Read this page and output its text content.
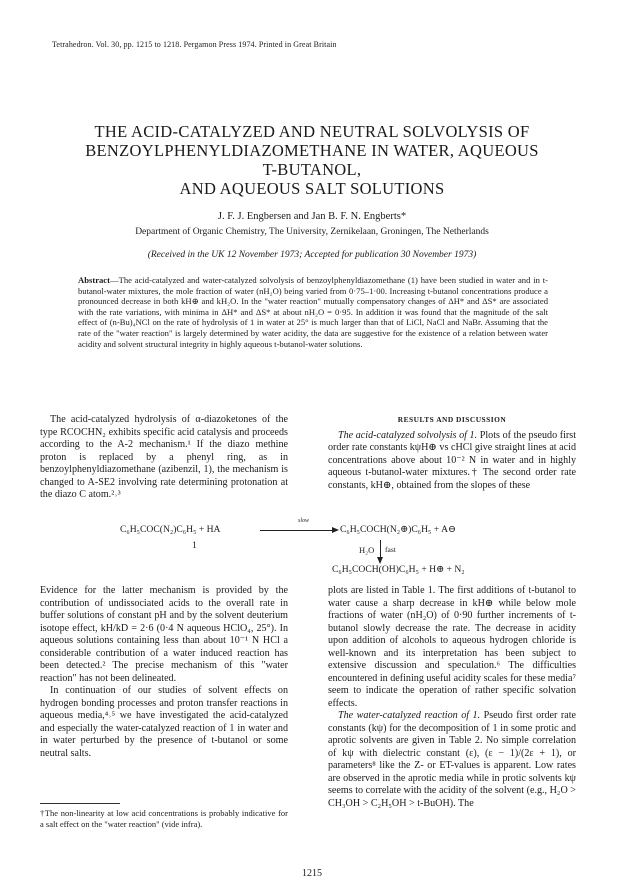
Tetrahedron. Vol. 30, pp. 1215 to 1218. Pergamon Press 1974. Printed in Great Britain
THE ACID-CATALYZED AND NEUTRAL SOLVOLYSIS OF
BENZOYLPHENYLDIAZOMETHANE IN WATER, AQUEOUS
T-BUTANOL,
AND AQUEOUS SALT SOLUTIONS
J. F. J. Engbersen and Jan B. F. N. Engberts*
Department of Organic Chemistry, The University, Zernikelaan, Groningen, The Netherlands
(Received in the UK 12 November 1973; Accepted for publication 30 November 1973)
Abstract—The acid-catalyzed and water-catalyzed solvolysis of benzoylphenyldiazomethane (1) have been studied in water and in t-butanol-water mixtures, the mole fraction of water (nH₂O) being varied from 0·75–1·00. Increasing t-butanol concentrations produce a pronounced decrease in both kH⊕ and kH₂O. In the "water reaction" mutually compensatory changes of ΔH* and ΔS* are associated with the rate variations, with minima in ΔH* and ΔS* at about nH₂O = 0·95. In addition it was found that the magnitude of the salt effect of (n-Bu)₄NCl on the rate of hydrolysis of 1 in water at 25° is much larger than that of LiCl, NaCl and NaBr. Assuming that the rate of the "water reaction" is largely determined by water acidity, the data are suggestive for the existence of a relation between water acidity and solvent structural integrity in highly aqueous t-butanol-water solutions.

The acid-catalyzed hydrolysis of α-diazoketones of the type RCOCHN₂ exhibits specific acid catalysis and proceeds according to the A-2 mechanism.¹ If the diazo methine proton is replaced by a phenyl ring, as in benzoylphenyldiazomethane (azibenzil, 1), the mechanism is changed to A-SE2 involving rate determining protonation at the diazo C atom.²˒³

RESULTS AND DISCUSSION

The acid-catalyzed solvolysis of 1. Plots of the pseudo first order rate constants kψH⊕ vs cHCl give straight lines at acid concentrations above about 10⁻² N in water and in highly aqueous t-butanol-water mixtures.† The second order rate constants, kH⊕, obtained from the slopes of these

C₆H₅COC(N₂)C₆H₅ + HA
slow
C₆H₅COCH(N₂⊕)C₆H₅ + A⊖
1	H₂O fast
C₆H₅COCH(OH)C₆H₅ + H⊕ + N₂

Evidence for the latter mechanism is provided by the contribution of undissociated acids to the overall rate in buffer solutions of constant pH and by the solvent deuterium isotope effect, kH/kD = 2·6 (0·4 N aqueous HClO₄, 25°). In aqueous solutions containing less than about 10⁻¹ N HCl a considerable contribution of a water induced reaction has been detected.² The precise mechanism of this "water reaction" has not been delineated.

In continuation of our studies of solvent effects on hydrogen bonding processes and proton transfer reactions in aqueous media,⁴˒⁵ we have investigated the acid-catalyzed and especially the water-catalyzed reaction of 1 in water and in water perturbed by the presence of t-butanol or some neutral salts.

plots are listed in Table 1. The first additions of t-butanol to water cause a sharp decrease in kH⊕ while below mole fractions of water (nH₂O) of 0·90 further increments of t-butanol slowly decrease the rate. The decrease in acidity upon addition of alcohols to aqueous hydrogen chloride is well-known and its interpretation has been subject to extensive discussion and speculation.⁶ The difficulties encountered in defining useful acidity scales for these media⁷ seem to indicate the operation of rather specific solvation effects.

The water-catalyzed reaction of 1. Pseudo first order rate constants (kψ) for the decomposition of 1 in some protic and aprotic solvents are given in Table 2. No simple correlation of kψ with dielectric constant (ε), (ε − 1)/(2ε + 1), or parameters⁸ like the Z- or ET-values is apparent. Low rates are observed in the aprotic media while in protic solvents kψ seems to correlate with the acidity of the solvent (e.g., H₂O > CH₃OH > C₂H₅OH > t-BuOH). The

†The non-linearity at low acid concentrations is probably indicative for a salt effect on the "water reaction" (vide infra).
1215
